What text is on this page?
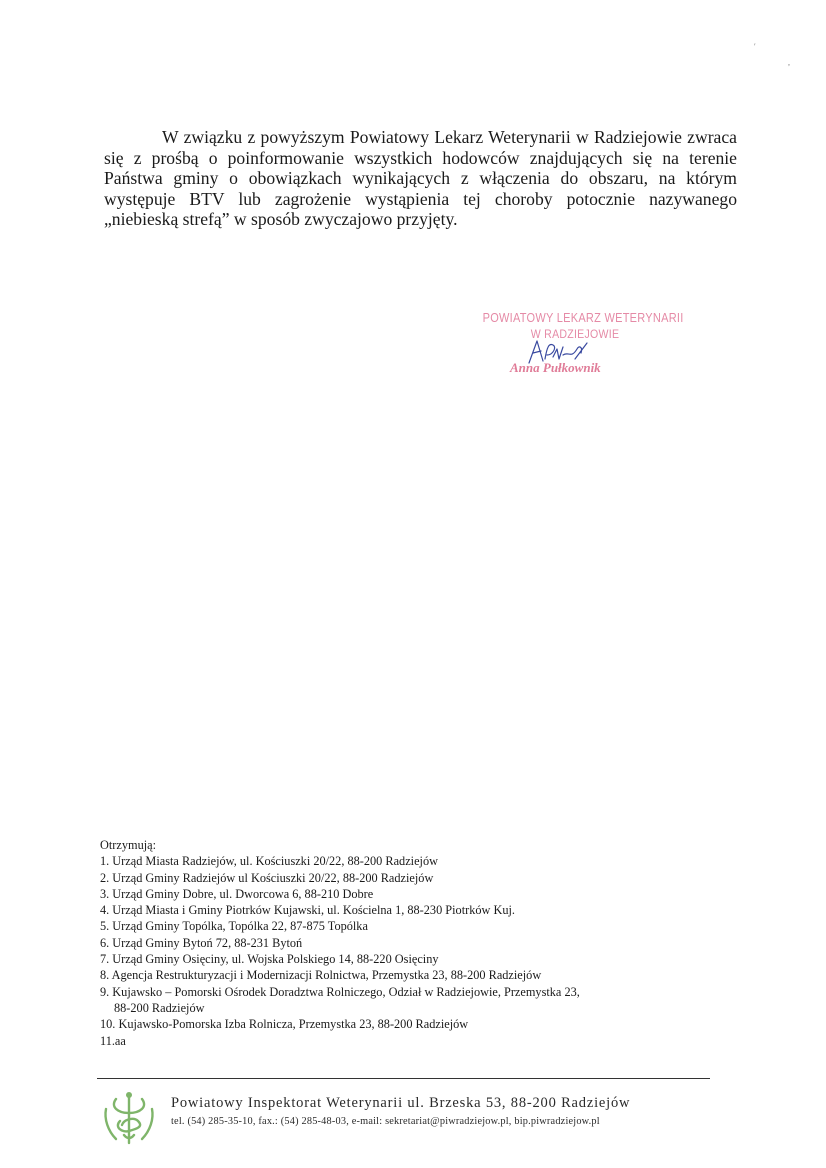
′
,

W związku z powyższym Powiatowy Lekarz Weterynarii w Radziejowie zwraca się z prośbą o poinformowanie wszystkich hodowców znajdujących się na terenie Państwa gminy o obowiązkach wynikających z włączenia do obszaru, na którym występuje BTV lub zagrożenie wystąpienia tej choroby potocznie nazywanego „niebieską strefą” w sposób zwyczajowo przyjęty.

POWIATOWY LEKARZ WETERYNARII
W RADZIEJOWIE
Anna Pułkownik

Otrzymują:

1. Urząd Miasta Radziejów, ul. Kościuszki 20/22, 88-200 Radziejów
2. Urząd Gminy Radziejów ul Kościuszki 20/22, 88-200 Radziejów
3. Urząd Gminy Dobre, ul. Dworcowa 6, 88-210 Dobre
4. Urząd Miasta i Gminy Piotrków Kujawski, ul. Kościelna 1, 88-230 Piotrków Kuj.
5. Urząd Gminy Topólka, Topólka 22, 87-875 Topólka
6. Urząd Gminy Bytoń 72, 88-231 Bytoń
7. Urząd Gminy Osięciny, ul. Wojska Polskiego 14, 88-220 Osięciny
8. Agencja Restrukturyzacji i Modernizacji Rolnictwa, Przemystka 23, 88-200 Radziejów
9. Kujawsko – Pomorski Ośrodek Doradztwa Rolniczego, Odział w Radziejowie, Przemystka 23,
88-200 Radziejów
10. Kujawsko-Pomorska Izba Rolnicza, Przemystka 23, 88-200 Radziejów
11.aa
Powiatowy Inspektorat Weterynarii ul. Brzeska 53, 88-200 Radziejów
tel. (54) 285-35-10, fax.: (54) 285-48-03, e-mail: sekretariat@piwradziejow.pl, bip.piwradziejow.pl
